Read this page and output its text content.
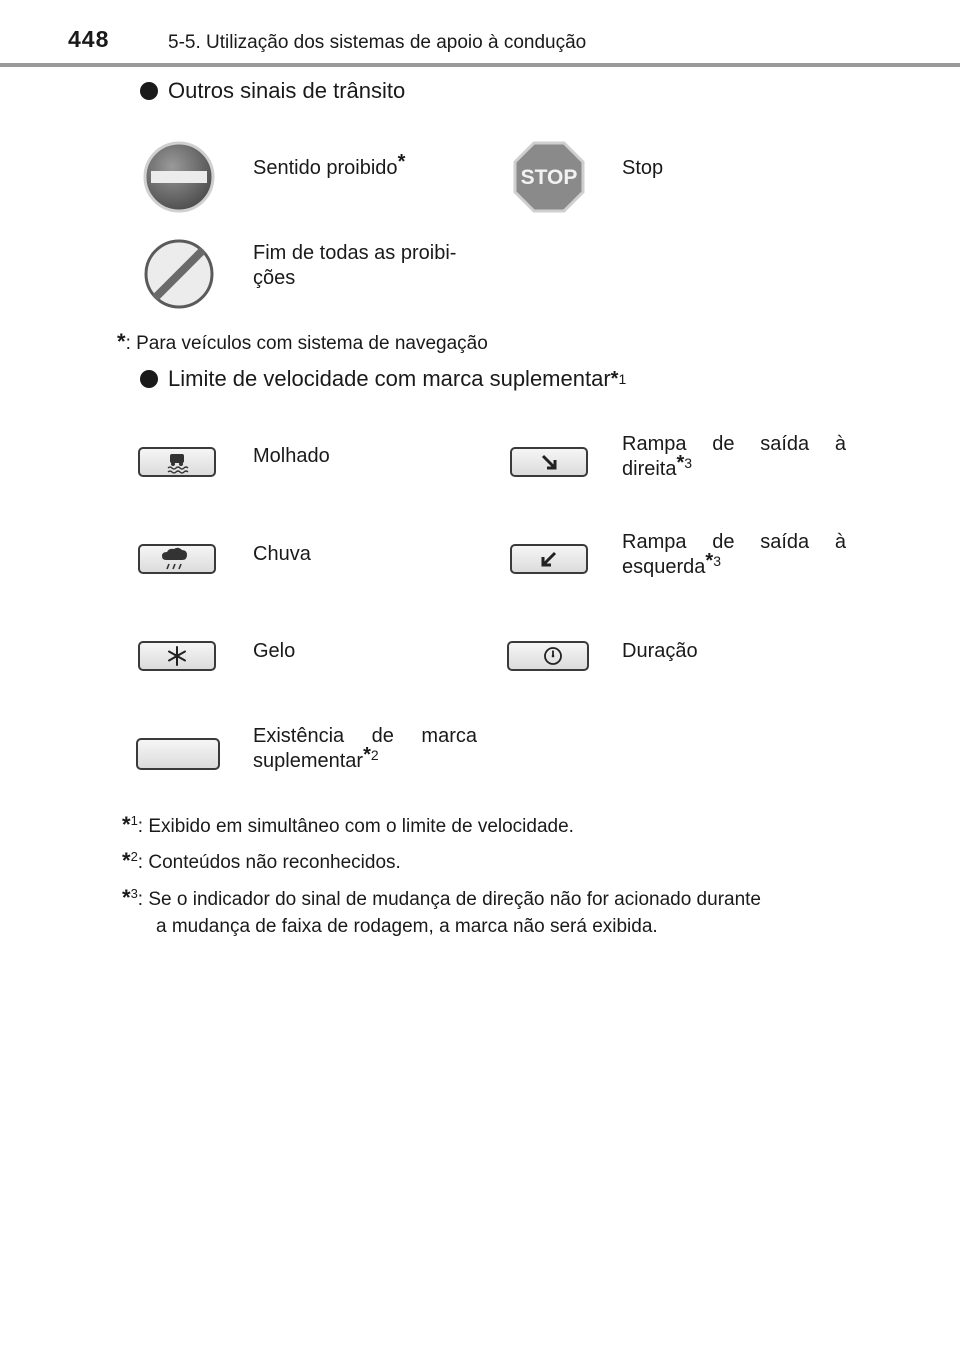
448	5-5. Utilização dos sistemas de apoio à condução
Outros sinais de trânsito
Sentido proibido*
STOP Stop
Fim de todas as proibi-
ções
*: Para veículos com sistema de navegação
Limite de velocidade com marca suplementar * 1
Molhado
Rampa de saída à direita$^{*3}$
Chuva
Rampa de saída à esquerda$^{*3}$
Gelo	Duração
Existência de marca suplementar$^{*2}$
*$^1$: Exibido em simultâneo com o limite de velocidade.
*$^2$: Conteúdos não reconhecidos.
*$^3$: Se o indicador do sinal de mudança de direção não for acionado durante
a mudança de faixa de rodagem, a marca não será exibida.
